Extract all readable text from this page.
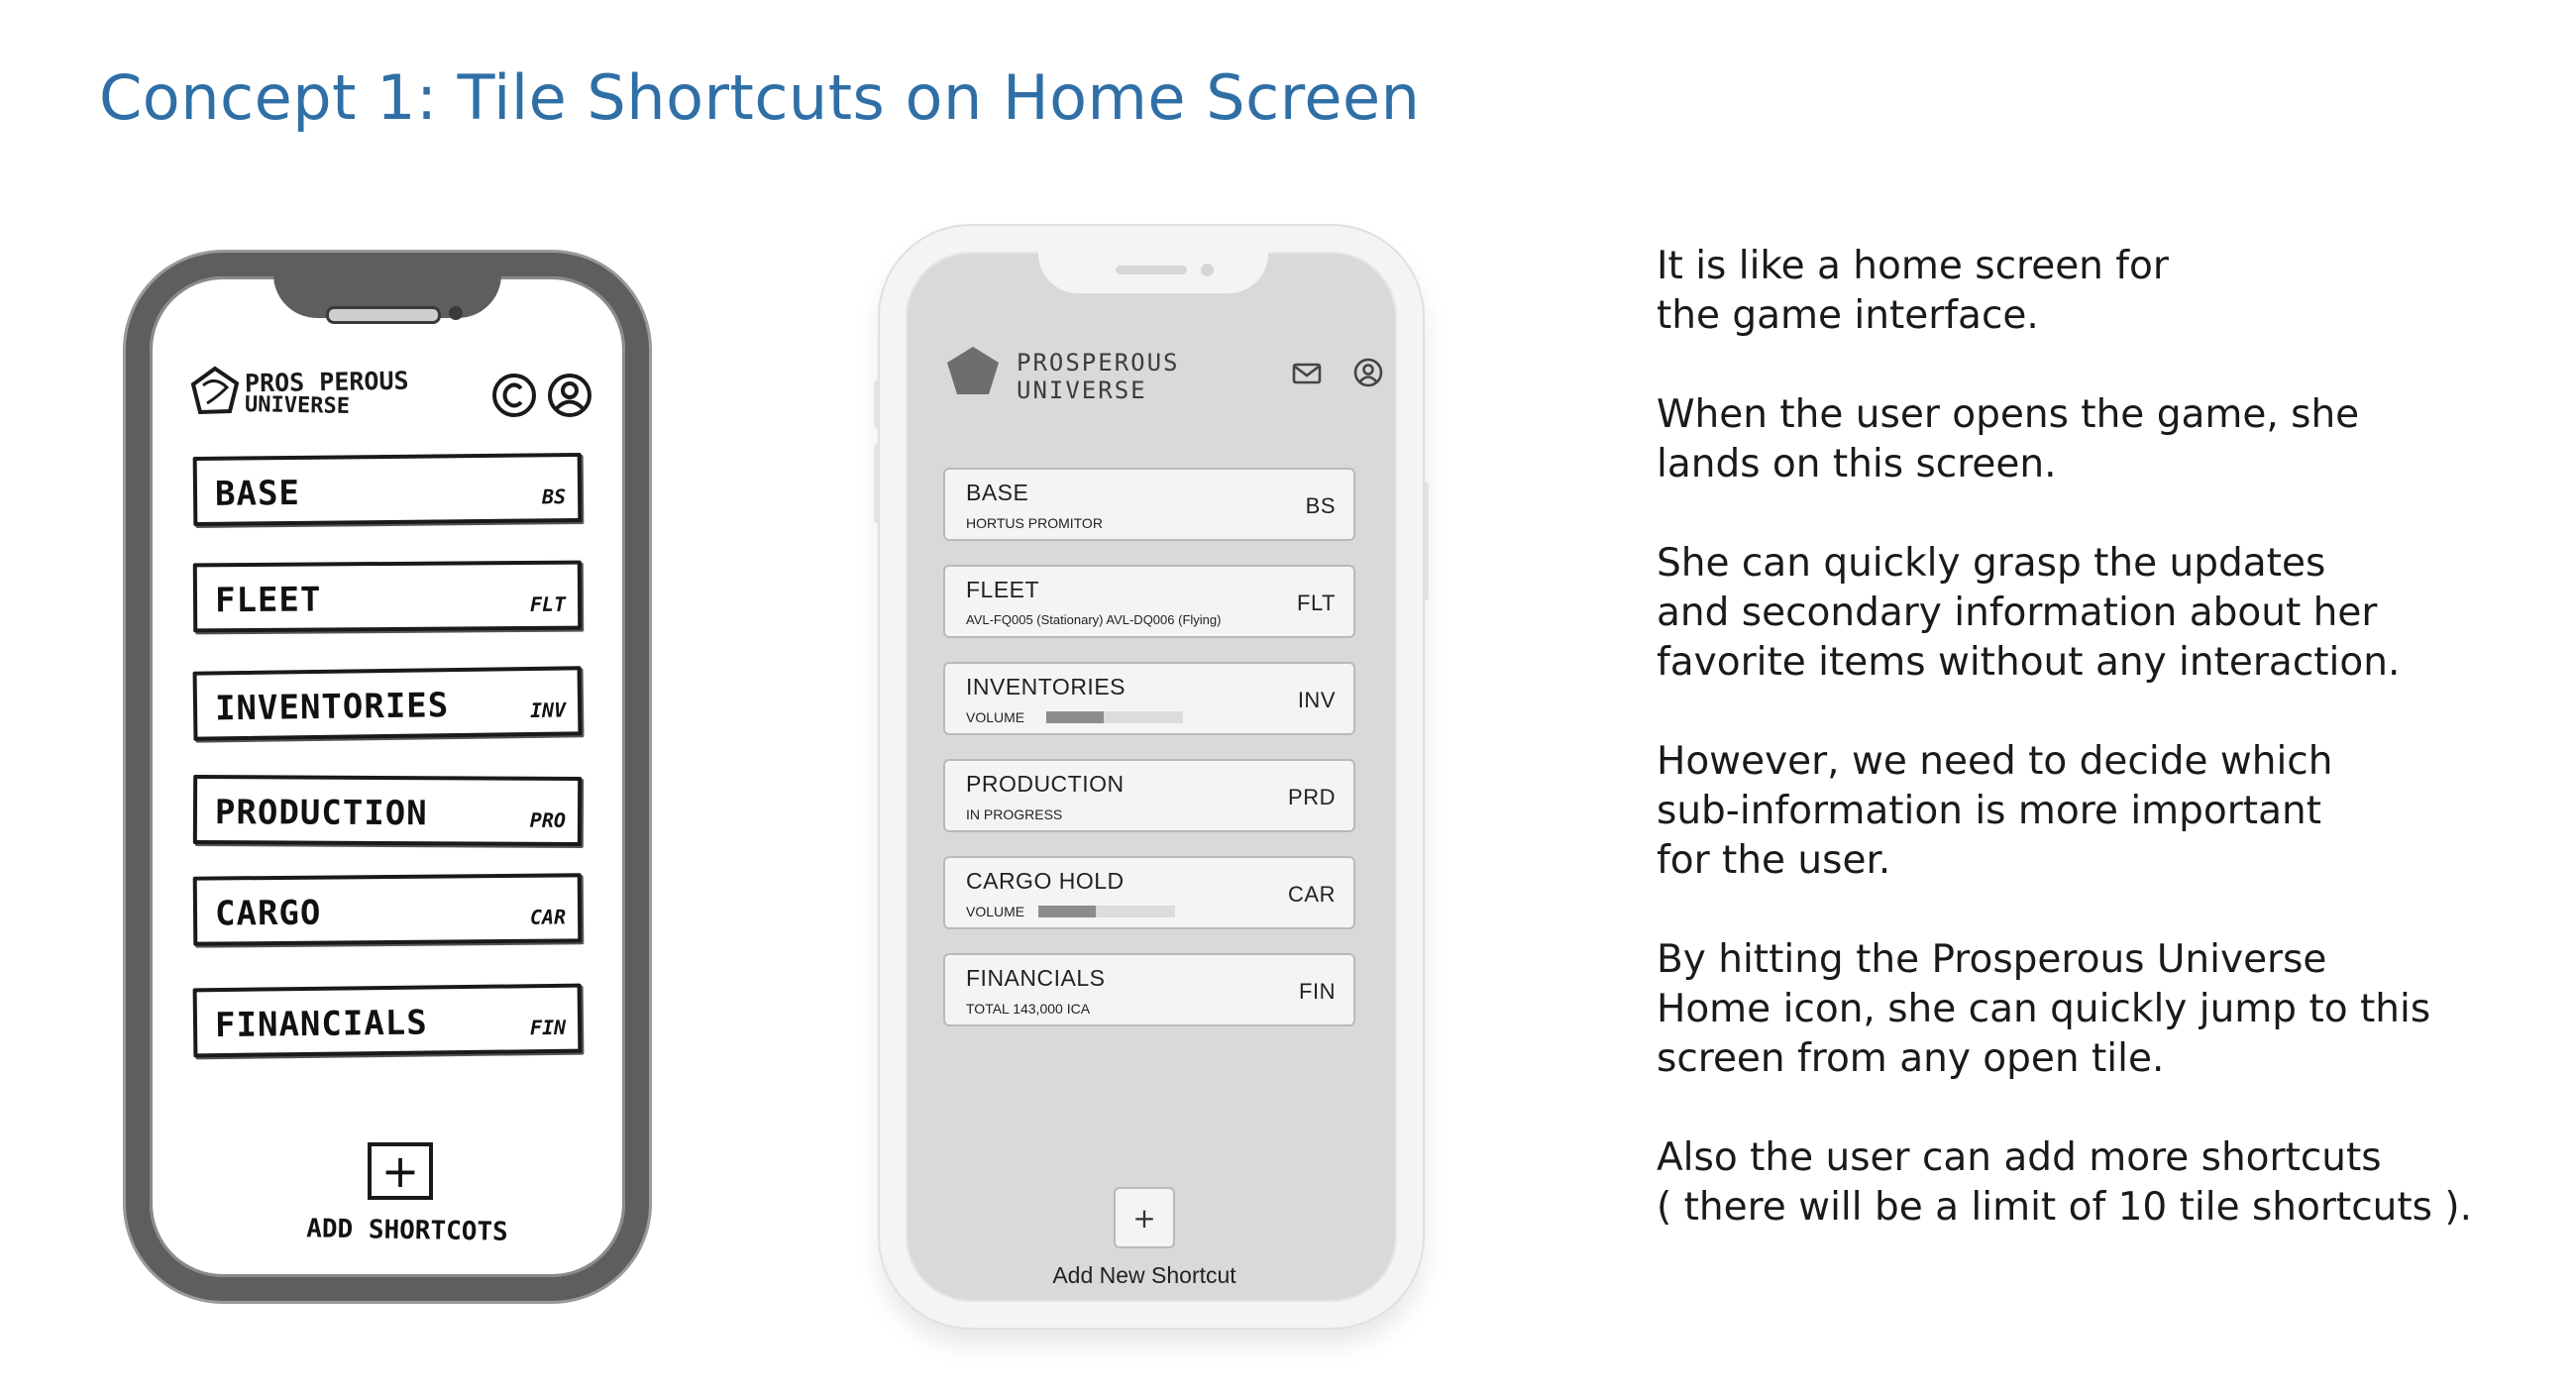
Concept 1: Tile Shortcuts on Home Screen
PROS PEROUS
UNIVERSE
BASE	BS
FLEET	FLT
INVENTORIES	INV
PRODUCTION	PRO
CARGO	CAR
FINANCIALS	FIN
+
ADD SHORTCOTS
PROSPEROUS
UNIVERSE
BASE
HORTUS PROMITOR
BS
FLEET
AVL-FQ005 (Stationary) AVL-DQ006 (Flying)
FLT
INVENTORIES
VOLUME
INV
PRODUCTION
IN PROGRESS
PRD
CARGO HOLD
VOLUME
CAR
FINANCIALS
TOTAL 143,000 ICA
FIN
+
Add New Shortcut

It is like a home screen for
the game interface.

When the user opens the game, she
lands on this screen.

She can quickly grasp the updates
and secondary information about her
favorite items without any interaction.

However, we need to decide which
sub-information is more important
for the user.

By hitting the Prosperous Universe
Home icon, she can quickly jump to this
screen from any open tile.

Also the user can add more shortcuts
( there will be a limit of 10 tile shortcuts ).
